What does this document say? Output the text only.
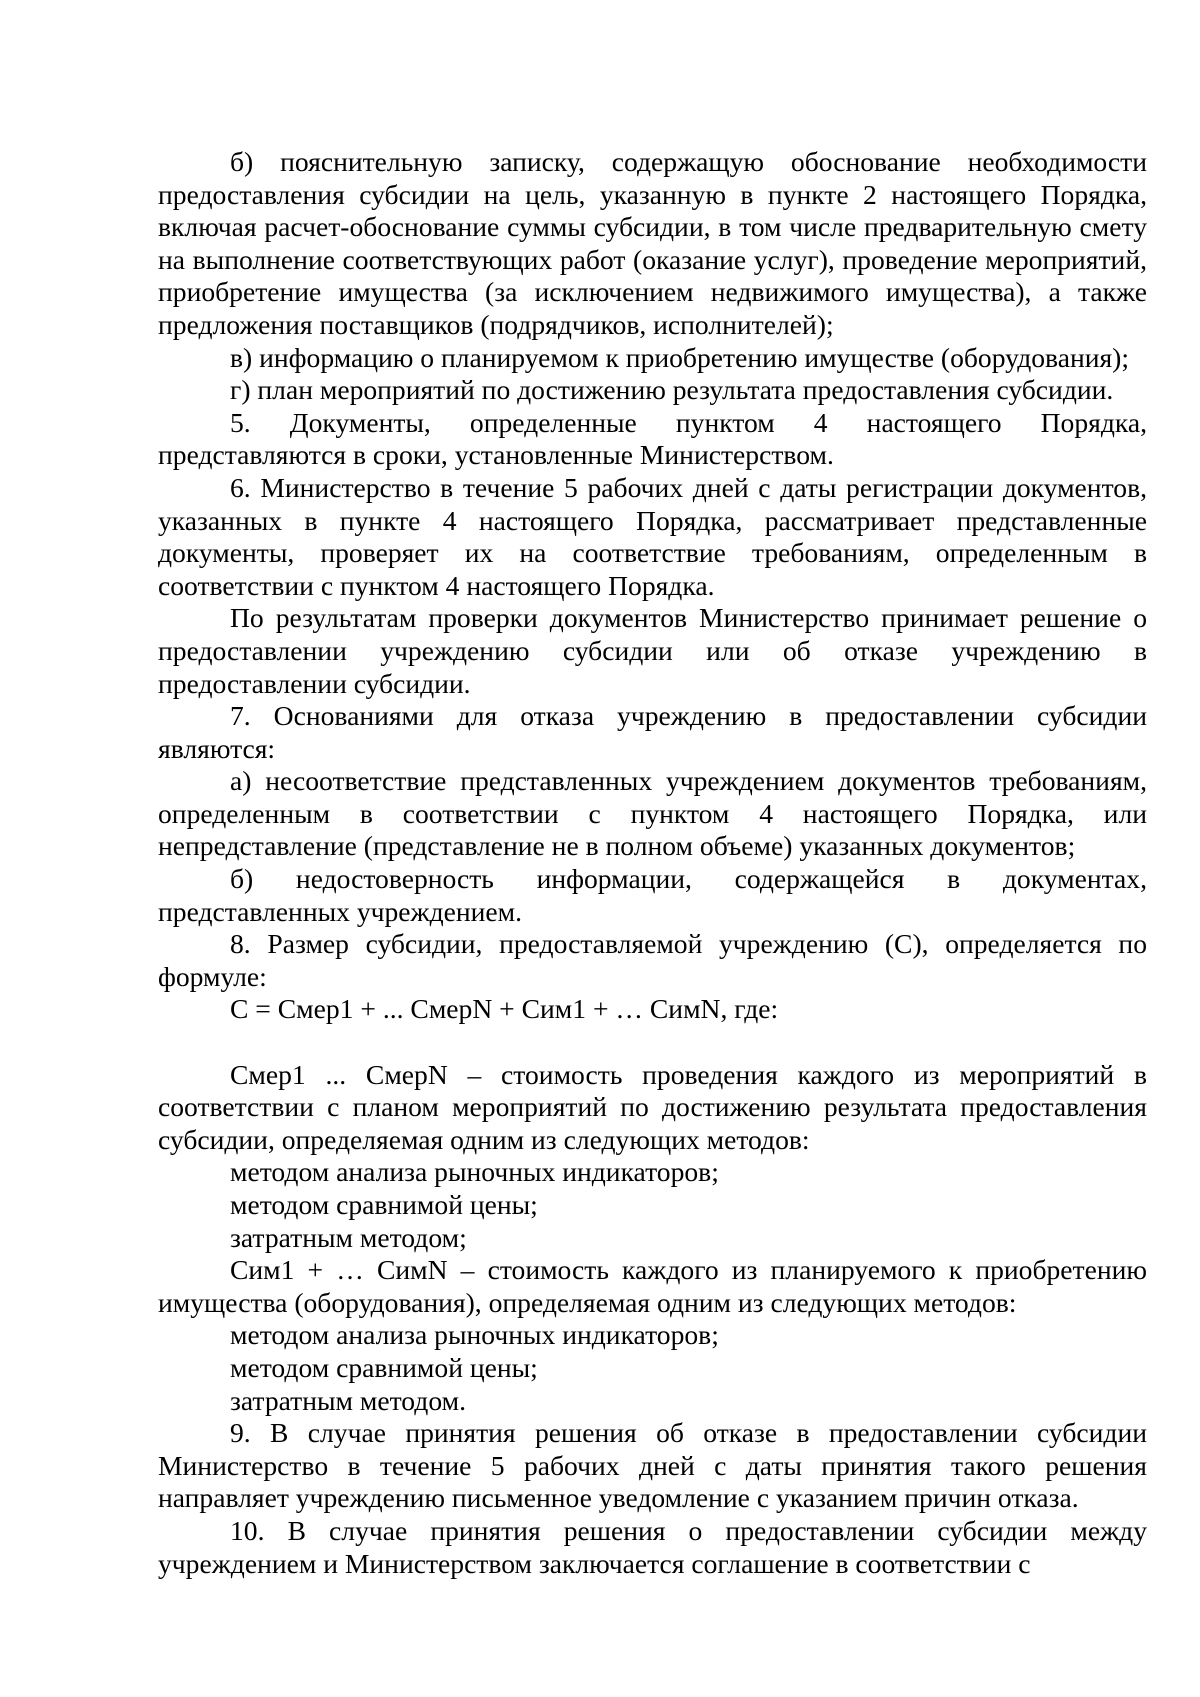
б) пояснительную записку, содержащую обоснование необходимости предоставления субсидии на цель, указанную в пункте 2 настоящего Порядка, включая расчет-обоснование суммы субсидии, в том числе предварительную смету на выполнение соответствующих работ (оказание услуг), проведение мероприятий, приобретение имущества (за исключением недвижимого имущества), а также предложения поставщиков (подрядчиков, исполнителей);

в) информацию о планируемом к приобретению имуществе (оборудования);

г) план мероприятий по достижению результата предоставления субсидии.

5. Документы, определенные пунктом 4 настоящего Порядка, представляются в сроки, установленные Министерством.

6. Министерство в течение 5 рабочих дней с даты регистрации документов, указанных в пункте 4 настоящего Порядка, рассматривает представленные документы, проверяет их на соответствие требованиям, определенным в соответствии с пунктом 4 настоящего Порядка.

По результатам проверки документов Министерство принимает решение о предоставлении учреждению субсидии или об отказе учреждению в предоставлении субсидии.

7. Основаниями для отказа учреждению в предоставлении субсидии являются:

а) несоответствие представленных учреждением документов требованиям, определенным в соответствии с пунктом 4 настоящего Порядка, или непредставление (представление не в полном объеме) указанных документов;

б) недостоверность информации, содержащейся в документах, представленных учреждением.

8. Размер субсидии, предоставляемой учреждению (С), определяется по формуле:

С = Смер1 + ... СмерN + Сим1 + … СимN, где:

Смер1 ... СмерN – стоимость проведения каждого из мероприятий в соответствии с планом мероприятий по достижению результата предоставления субсидии, определяемая одним из следующих методов:

методом анализа рыночных индикаторов;

методом сравнимой цены;

затратным методом;

Сим1 + … СимN – стоимость каждого из планируемого к приобретению имущества (оборудования), определяемая одним из следующих методов:

методом анализа рыночных индикаторов;

методом сравнимой цены;

затратным методом.

9. В случае принятия решения об отказе в предоставлении субсидии Министерство в течение 5 рабочих дней с даты принятия такого решения направляет учреждению письменное уведомление с указанием причин отказа.

10. В случае принятия решения о предоставлении субсидии между учреждением и Министерством заключается соглашение в соответствии с
